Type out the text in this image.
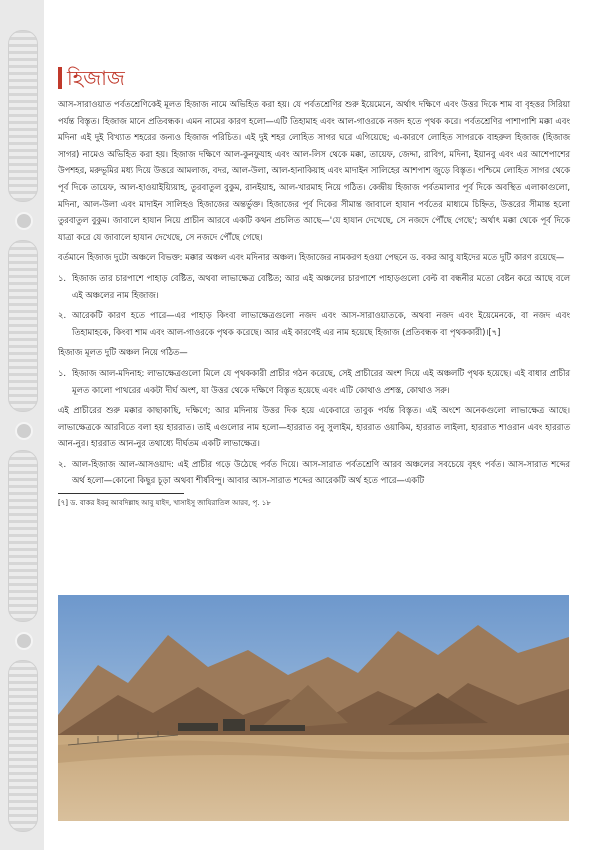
হিজাজ

আস-সারাওয়াত পর্বতশ্রেণিকেই মূলত হিজাজ নামে অভিহিত করা হয়। যে পর্বতশ্রেণির শুরু ইয়েমেনে, অর্থাৎ দক্ষিণে এবং উত্তর দিকে শাম বা বৃহত্তর সিরিয়া পর্যন্ত বিস্তৃত। হিজাজ মানে প্রতিবন্ধক। এমন নামের কারণ হলো—এটি তিহামাহ এবং আল-গাওরকে নজদ হতে পৃথক করে। পর্বতশ্রেণির পাশাপাশি মক্কা এবং মদিনা এই দুই বিখ্যাত শহরের জন্যও হিজাজ পরিচিত। এই দুই শহর লোহিত সাগর ঘরে এগিয়েছে; এ-কারণে লোহিত সাগরকে বাহরুল হিজাজ (হিজাজ সাগর) নামেও অভিহিত করা হয়। হিজাজ দক্ষিণে আল-কুনফুযাহ এবং আল-লিস থেকে মক্কা, তায়েফ, জেদ্দা, রাবিগ, মদিনা, ইয়ানবু এবং এর আশেপাশের উপশহর, মরুভূমির মধ্য দিয়ে উত্তরে আমলাজ, বদর, আল-উলা, আল-হানাকিয়াহ এবং মাদাইন সালিহের আশপাশ জুড়ে বিস্তৃত। পশ্চিমে লোহিত সাগর থেকে পূর্ব দিকে তায়েফ, আল-হাওয়াইয়্যিয়াহ, তুরবাতুল বুকুম, রানইয়াহ, আল-খারমাহ নিয়ে গঠিত। কেন্দ্রীয় হিজাজ পর্বতমালার পূর্ব দিকে অবস্থিত এলাকাগুলো, মদিনা, আল-উলা এবং মাদাইন সালিহও হিজাজের অন্তর্ভুক্ত। হিজাজের পূর্ব দিকের সীমান্ত জাবালে হাযান পর্বতের মাধ্যমে চিহ্নিত, উত্তরের সীমান্ত হলো তুরবাতুল বুকুম। জাবালে হাযান নিয়ে প্রাচীন আরবে একটি কথন প্রচলিত আছে—'যে হাযান দেখেছে, সে নজদে পৌঁছে গেছে'; অর্থাৎ মক্কা থেকে পূর্ব দিকে যাত্রা করে যে জাবালে হাযান দেখেছে, সে নজদে পৌঁছে গেছে।

বর্তমানে হিজাজ দুটো অঞ্চলে বিভক্ত: মক্কার অঞ্চল এবং মদিনার অঞ্চল। হিজাজের নামকরণ হওয়া পেছনে ড. বকর আবু যাইদের মতে দুটি কারণ রয়েছে—

১. হিজাজ তার চারপাশে পাহাড় বেষ্টিত, অথবা লাভাক্ষেত্র বেষ্টিত; আর এই অঞ্চলের চারপাশে পাহাড়গুলো বেল্ট বা বন্ধনীর মতো বেষ্টন করে আছে বলে এই অঞ্চলের নাম হিজাজ।
২. আরেকটি কারণ হতে পারে—এর পাহাড় কিংবা লাভাক্ষেত্রগুলো নজদ এবং আস-সারাওয়াতকে, অথবা নজদ এবং ইয়েমেনকে, বা নজদ এবং তিহামাহকে, কিংবা শাম এবং আল-গাওরকে পৃথক করেছে। আর এই কারণেই এর নাম হয়েছে হিজাজ (প্রতিবন্ধক বা পৃথককারী)।[৭]

হিজাজ মূলত দুটি অঞ্চল নিয়ে গঠিত—

১. হিজাজ আল-মদিনাহ: লাভাক্ষেত্রগুলো মিলে যে পৃথককারী প্রাচীর গঠন করেছে, সেই প্রাচীরের অংশ দিয়ে এই অঞ্চলটি পৃথক হয়েছে। এই বাধার প্রাচীর মূলত কালো পাথরের একটা দীর্ঘ অংশ, যা উত্তর থেকে দক্ষিণে বিস্তৃত হয়েছে এবং এটি কোথাও প্রশস্ত, কোথাও সরু।

এই প্রাচীরের শুরু মক্কার কাছাকাছি, দক্ষিণে; আর মদিনায় উত্তর দিক হয়ে একেবারে তাবুক পর্যন্ত বিস্তৃত। এই অংশে অনেকগুলো লাভাক্ষেত্র আছে। লাভাক্ষেত্রকে আরবিতে বলা হয় হাররাত। তাই এগুলোর নাম হলো—হাররাত বনু সুলাইম, হাররাত ওয়াকিম, হাররাত লাইলা, হাররাত শাওরান এবং হাররাত আন-নুর। হাররাত আন-নুর তথাধ্যে দীর্ঘতম একটি লাভাক্ষেত্র।

২. আল-হিজাজ আল-আসওয়াদ: এই প্রাচীর গড়ে উঠেছে পর্বত দিয়ে। আস-সারাত পর্বতশ্রেণি আরব অঞ্চলের সবচেয়ে বৃহৎ পর্বত। আস-সারাত শব্দের অর্থ হলো—কোনো কিছুর চূড়া অথবা শীর্ষবিন্দু। আবার আস-সারাত শব্দের আরেকটি অর্থ হতে পারে—একটি
[৭] ড. বাকর ইবনু আবদিল্লাহ আবু যাইদ, খাসাইসু জাযিরাতিল আরব, পৃ. ১৮
